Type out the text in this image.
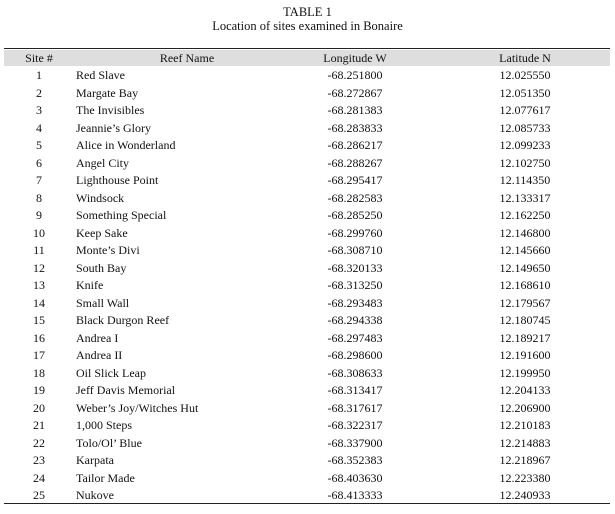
TABLE 1
Location of sites examined in Bonaire
Site #	Reef Name	Longitude W	Latitude N
1	Red Slave	-68.251800	12.025550
2	Margate Bay	-68.272867	12.051350
3	The Invisibles	-68.281383	12.077617
4	Jeannie’s Glory	-68.283833	12.085733
5	Alice in Wonderland	-68.286217	12.099233
6	Angel City	-68.288267	12.102750
7	Lighthouse Point	-68.295417	12.114350
8	Windsock	-68.282583	12.133317
9	Something Special	-68.285250	12.162250
10	Keep Sake	-68.299760	12.146800
11	Monte’s Divi	-68.308710	12.145660
12	South Bay	-68.320133	12.149650
13	Knife	-68.313250	12.168610
14	Small Wall	-68.293483	12.179567
15	Black Durgon Reef	-68.294338	12.180745
16	Andrea I	-68.297483	12.189217
17	Andrea II	-68.298600	12.191600
18	Oil Slick Leap	-68.308633	12.199950
19	Jeff Davis Memorial	-68.313417	12.204133
20	Weber’s Joy/Witches Hut	-68.317617	12.206900
21	1,000 Steps	-68.322317	12.210183
22	Tolo/Ol’ Blue	-68.337900	12.214883
23	Karpata	-68.352383	12.218967
24	Tailor Made	-68.403630	12.223380
25	Nukove	-68.413333	12.240933
